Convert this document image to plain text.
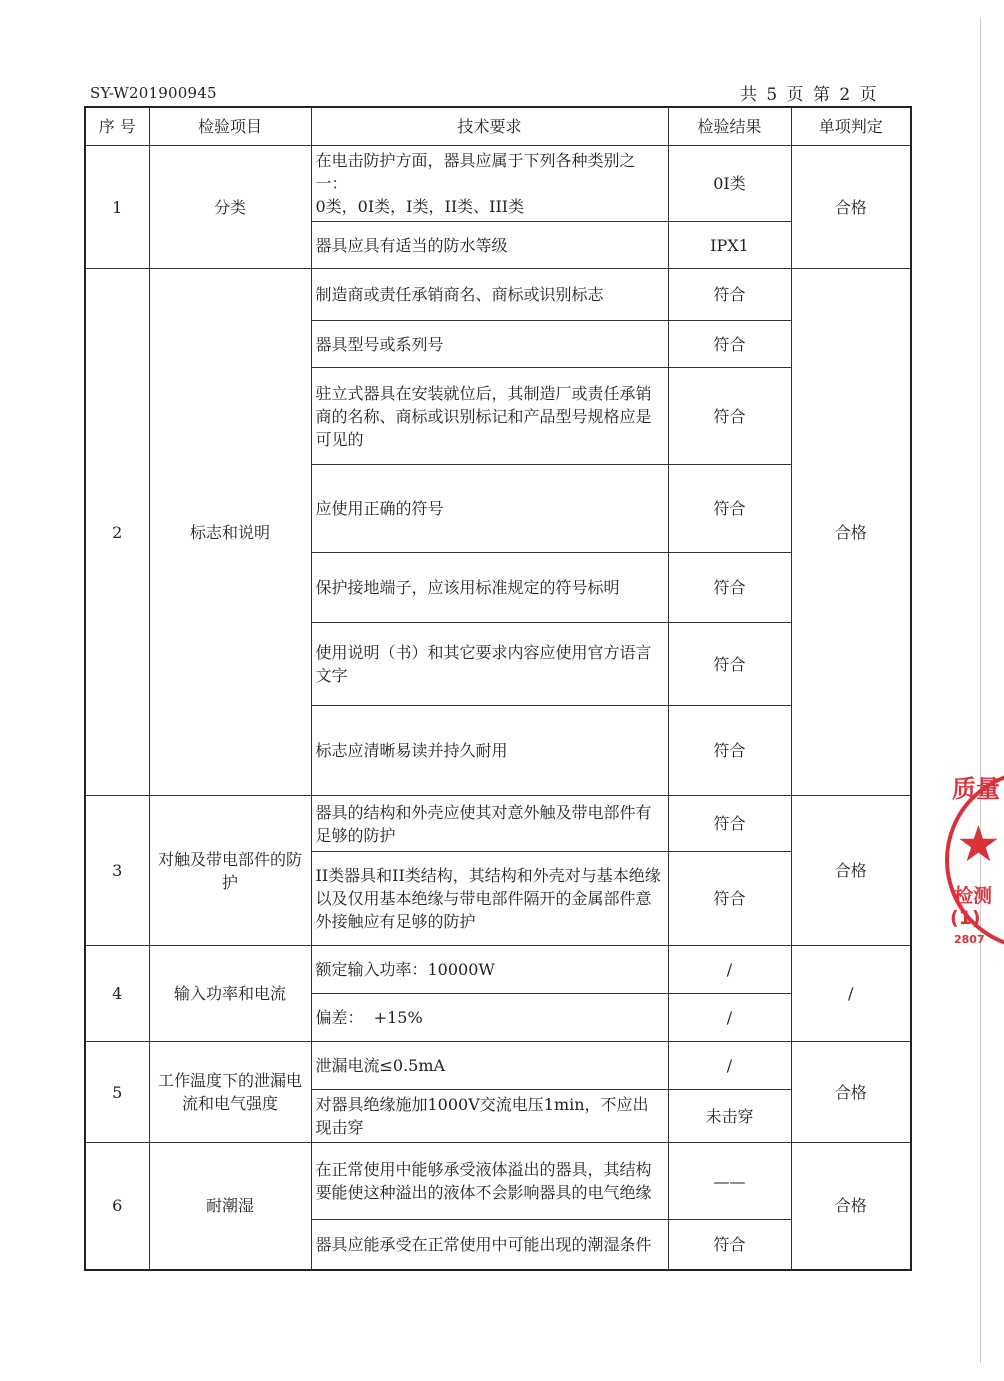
SY-W201900945	共 5 页 第 2 页
序 号	检验项目	技术要求	检验结果	单项判定
1	分类	在电击防护方面，器具应属于下列各种类别之一：
0类，0I类，I类，II类、III类	0I类	合格
		器具应具有适当的防水等级	IPX1	
2	标志和说明	制造商或责任承销商名、商标或识别标志	符合	合格
		器具型号或系列号	符合	
		驻立式器具在安装就位后，其制造厂或责任承销商的名称、商标或识别标记和产品型号规格应是可见的	符合	
		应使用正确的符号	符合	
		保护接地端子，应该用标准规定的符号标明	符合	
		使用说明（书）和其它要求内容应使用官方语言文字	符合	
		标志应清晰易读并持久耐用	符合	
3	对触及带电部件的防护	器具的结构和外壳应使其对意外触及带电部件有足够的防护	符合	合格
		II类器具和II类结构，其结构和外壳对与基本绝缘以及仅用基本绝缘与带电部件隔开的金属部件意外接触应有足够的防护	符合	
4	输入功率和电流	额定输入功率：10000W	/	/
		偏差：  +15%	/	
5	工作温度下的泄漏电流和电气强度	泄漏电流≤0.5mA	/	合格
		对器具绝缘施加1000V交流电压1min，不应出现击穿	未击穿	
6	耐潮湿	在正常使用中能够承受液体溢出的器具，其结构要能使这种溢出的液体不会影响器具的电气绝缘	——	合格
		器具应能承受在正常使用中可能出现的潮湿条件	符合	
质量
★
检测
(1)
2807
